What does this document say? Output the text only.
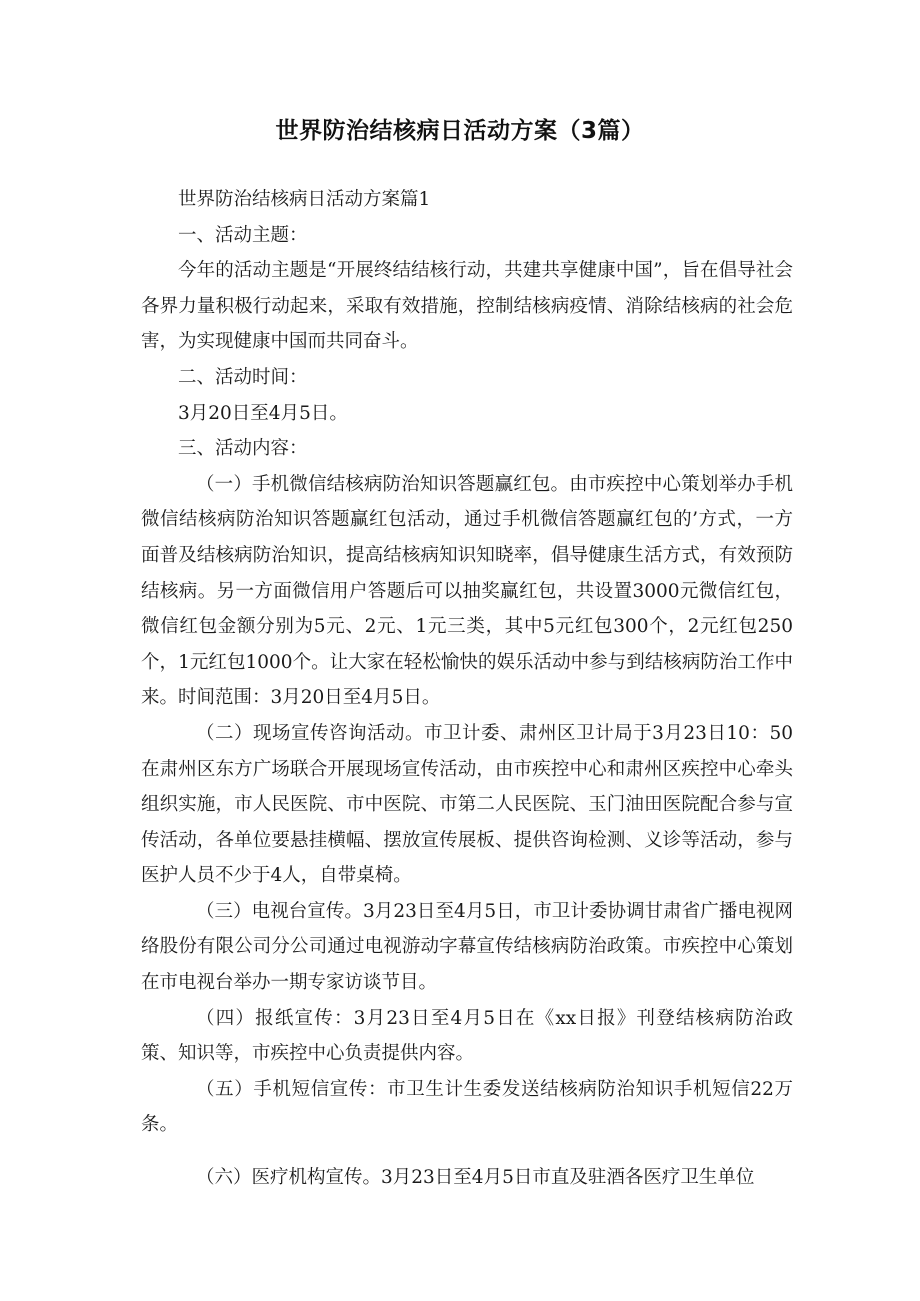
世界防治结核病日活动方案（3篇）

世界防治结核病日活动方案篇1

一、活动主题：

今年的活动主题是“开展终结结核行动，共建共享健康中国”，旨在倡导社会各界力量积极行动起来，采取有效措施，控制结核病疫情、消除结核病的社会危害，为实现健康中国而共同奋斗。

二、活动时间：

3月20日至4月5日。

三、活动内容：

（一）手机微信结核病防治知识答题赢红包。由市疾控中心策划举办手机微信结核病防治知识答题赢红包活动，通过手机微信答题赢红包的’方式，一方面普及结核病防治知识，提高结核病知识知晓率，倡导健康生活方式，有效预防结核病。另一方面微信用户答题后可以抽奖赢红包，共设置3000元微信红包，微信红包金额分别为5元、2元、1元三类，其中5元红包300个，2元红包250个，1元红包1000个。让大家在轻松愉快的娱乐活动中参与到结核病防治工作中来。时间范围：3月20日至4月5日。

（二）现场宣传咨询活动。市卫计委、肃州区卫计局于3月23日10：50在肃州区东方广场联合开展现场宣传活动，由市疾控中心和肃州区疾控中心牵头组织实施，市人民医院、市中医院、市第二人民医院、玉门油田医院配合参与宣传活动，各单位要悬挂横幅、摆放宣传展板、提供咨询检测、义诊等活动，参与医护人员不少于4人，自带桌椅。

（三）电视台宣传。3月23日至4月5日，市卫计委协调甘肃省广播电视网络股份有限公司分公司通过电视游动字幕宣传结核病防治政策。市疾控中心策划在市电视台举办一期专家访谈节目。

（四）报纸宣传：3月23日至4月5日在《xx日报》刊登结核病防治政策、知识等，市疾控中心负责提供内容。

（五）手机短信宣传：市卫生计生委发送结核病防治知识手机短信22万条。

（六）医疗机构宣传。3月23日至4月5日市直及驻酒各医疗卫生单位
